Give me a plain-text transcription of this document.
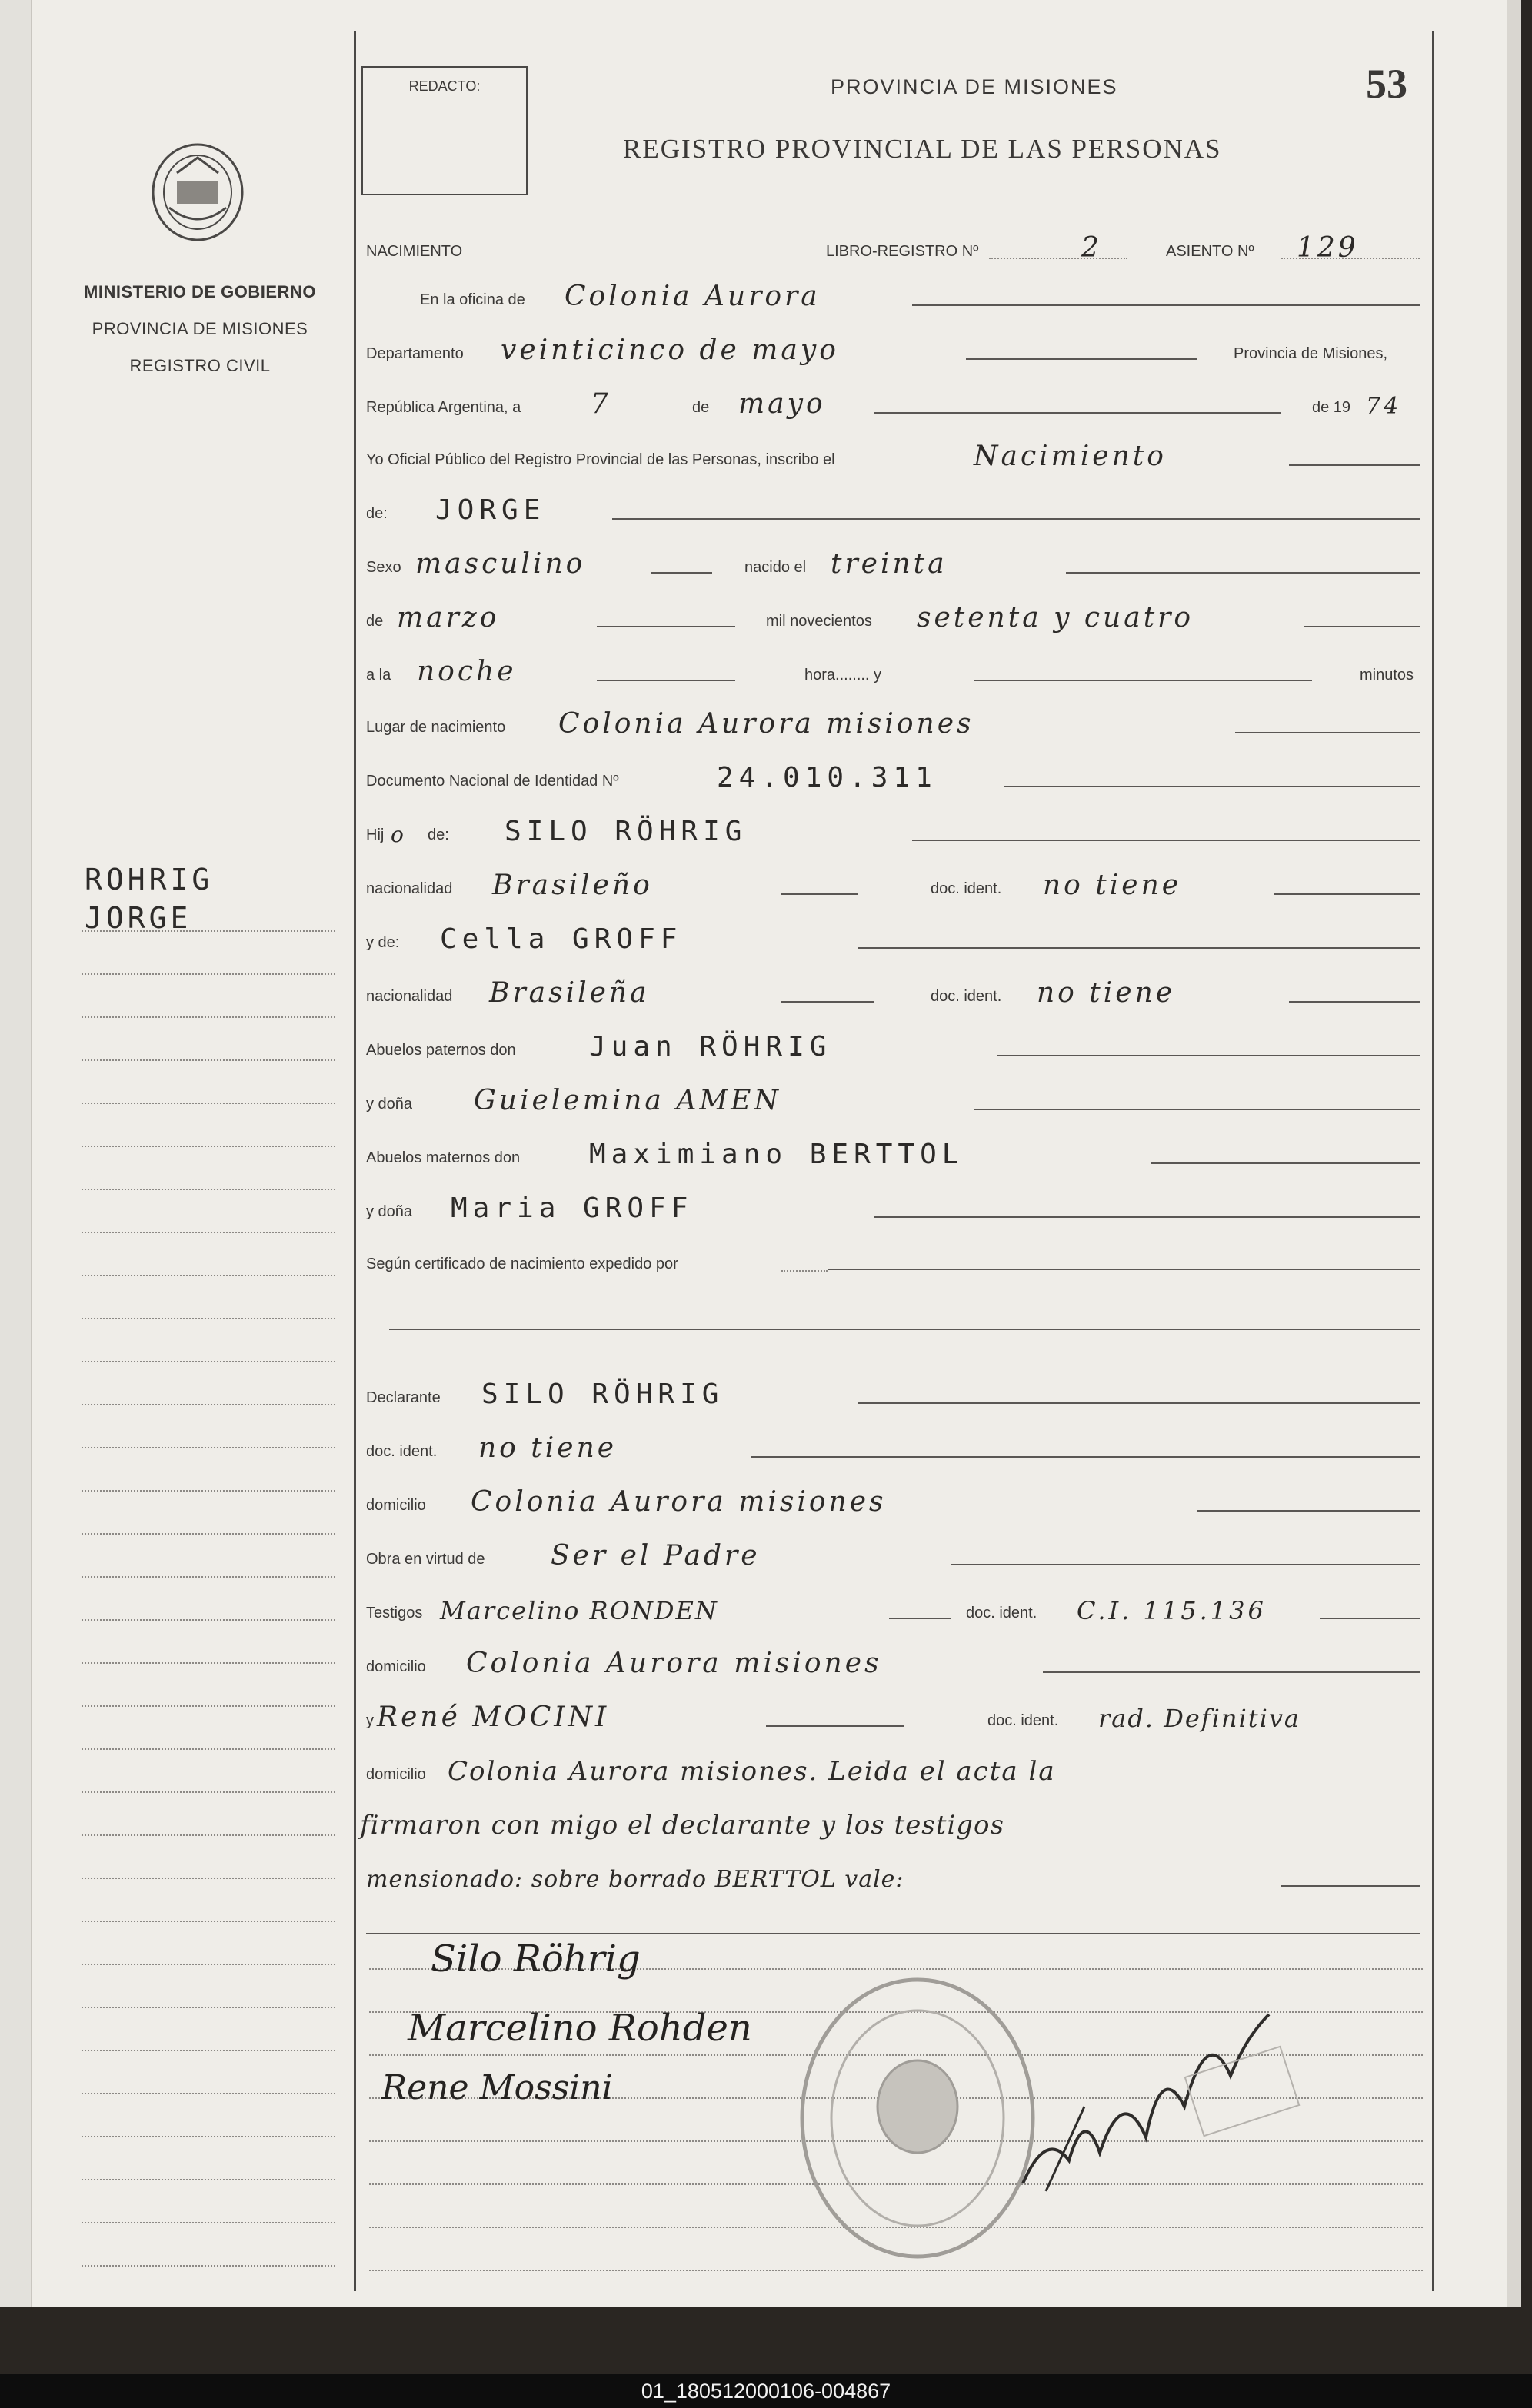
MINISTERIO DE GOBIERNO
PROVINCIA DE MISIONES
REGISTRO CIVIL
ROHRIG
JORGE
REDACTO:	PROVINCIA DE MISIONES
REGISTRO PROVINCIAL DE LAS PERSONAS
53
NACIMIENTO	LIBRO-REGISTRO Nº	2	ASIENTO Nº 129
En la oficina de Colonia Aurora
Departamento veinticinco de mayo	Provincia de Misiones,
República Argentina, a	7	de mayo	de 19 74
Yo Oficial Público del Registro Provincial de las Personas, inscribo el	Nacimiento
de: JORGE
Sexo masculino	nacido el treinta
de marzo	mil novecientos setenta y cuatro
a la noche	hora........ y	minutos
Lugar de nacimiento Colonia Aurora misiones
Documento Nacional de Identidad Nº	24.010.311
Hij o de: SILO RÖHRIG
nacionalidad Brasileño	doc. ident. no tiene
y de: Cella GROFF
nacionalidad Brasileña	doc. ident. no tiene
Abuelos paternos don	Juan RÖHRIG
y doña Guielemina AMEN
Abuelos maternos don Maximiano BERTTOL
y doña Maria GROFF
Según certificado de nacimiento expedido por
Declarante SILO RÖHRIG
doc. ident. no tiene
domicilio Colonia Aurora misiones
Obra en virtud de Ser el Padre
Testigos Marcelino RONDEN	doc. ident. C.I. 115.136
domicilio Colonia Aurora misiones
y René MOCINI	doc. ident. rad. Definitiva
domicilio Colonia Aurora misiones. Leida el acta la
firmaron con migo el declarante y los testigos
mensionado: sobre borrado BERTTOL vale:
Silo Röhrig
Marcelino Rohden
Rene Mossini
01_180512000106-004867
